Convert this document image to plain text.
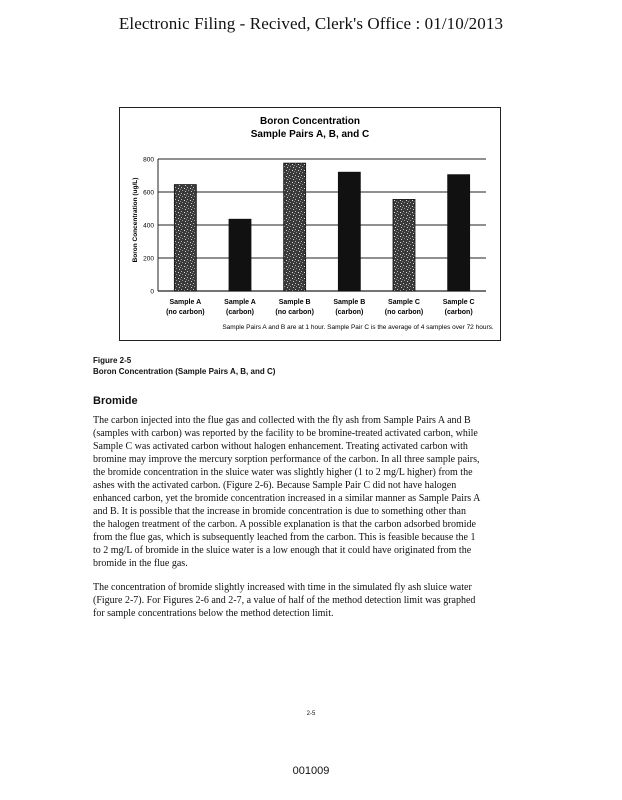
Electronic Filing - Recived, Clerk's Office : 01/10/2013
Boron Concentration
Sample Pairs A, B, and C
Boron Concentration (ug/L)
0
200
400
600
800
Sample A
(no carbon)
Sample A
(carbon)
Sample B
(no carbon)
Sample B
(carbon)
Sample C
(no carbon)
Sample C
(carbon)
Sample Pairs A and B are at 1 hour. Sample Pair C is the average of 4 samples over 72 hours.
Figure 2-5
Boron Concentration (Sample Pairs A, B, and C)
Bromide
The carbon injected into the flue gas and collected with the fly ash from Sample Pairs A and B
(samples with carbon) was reported by the facility to be bromine-treated activated carbon, while
Sample C was activated carbon without halogen enhancement. Treating activated carbon with
bromine may improve the mercury sorption performance of the carbon. In all three sample pairs,
the bromide concentration in the sluice water was slightly higher (1 to 2 mg/L higher) from the
ashes with the activated carbon. (Figure 2-6). Because Sample Pair C did not have halogen
enhanced carbon, yet the bromide concentration increased in a similar manner as Sample Pairs A
and B. It is possible that the increase in bromide concentration is due to something other than
the halogen treatment of the carbon. A possible explanation is that the carbon adsorbed bromide
from the flue gas, which is subsequently leached from the carbon. This is feasible because the 1
to 2 mg/L of bromide in the sluice water is a low enough that it could have originated from the
bromide in the flue gas.
The concentration of bromide slightly increased with time in the simulated fly ash sluice water
(Figure 2-7). For Figures 2-6 and 2-7, a value of half of the method detection limit was graphed
for sample concentrations below the method detection limit.
2-5
001009
